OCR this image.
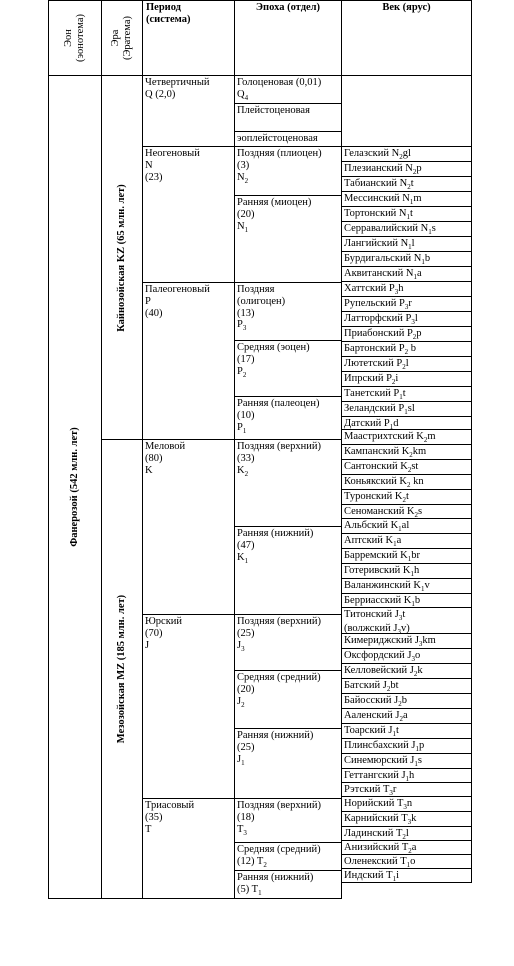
Эон
(эонотема) Эра
(Эратема)
Период
(система)
Эпоха (отдел)	Век (ярус)
Фанерозой (542 млн. лет)
Кайнозойская KZ (65 млн. лет)
Мезозойская MZ (185 млн. лет)
Четвертичный
Q (2,0)
Неогеновый
N
(23)
Палеогеновый
P
(40)
Меловой
(80)
K
Юрский
(70)
J
Триасовый
(35)
T
Голоценовая (0,01)
$Q_4$
Плейстоценовая
эоплейстоценовая
Поздняя (плиоцен)
(3)
$N_2$
Ранняя (миоцен)
(20)
$N_1$
Поздняя
(олигоцен)
(13)
$P_3$
Средняя (эоцен)
(17)
$P_2$
Ранняя (палеоцен)
(10)
$P_1$
Поздняя (верхний)
(33)
$K_2$
Ранняя (нижний)
(47)
$K_1$
Поздняя (верхний)
(25)
$J_3$
Средняя (средний)
(20)
$J_2$
Ранняя (нижний)
(25)
$J_1$
Поздняя (верхний)
(18)
$T_3$
Средняя (средний)
(12) $T_2$
Ранняя (нижний)
(5) $T_1$
Гелазский $N_2gl$
Плезианский $N_2p$
Табианский $N_2t$
Мессинский $N_1m$
Тортонский $N_1t$
Серравалийский $N_1s$
Лангийский $N_1l$
Бурдигальский $N_1b$
Аквитанский $N_1a$
Хаттский $P_3h$
Рупельский $P_3r$
Латторфский $P_3l$
Приабонский $P_2p$
Бартонский $P_2$ b
Лютетский $P_2l$
Ипрский $P_2i$
Танетский $P_1t$
Зеландский $P_1sl$
Датский $P_1d$
Маастрихтский $K_2m$
Кампанский $K_2km$
Сантонский $K_2st$
Коньякский $K_2$ kn
Туронский $K_2t$
Сеноманский $K_2s$
Альбский $K_1al$
Аптский $K_1a$
Барремский $K_1br$
Готеривский $K_1h$
Валанжинский $K_1v$
Берриасский $K_1b$
Титонский $J_3t$
(волжский $J_3v$)
Кимериджский $J_3km$
Оксфордский $J_3o$
Келловейский $J_2k$
Батский $J_2bt$
Байосский $J_2b$
Ааленский $J_2a$
Тоарский $J_1t$
Плинсбахский $J_1p$
Синемюрский $J_1s$
Геттангский $J_1h$
Рэтский $T_3r$
Норийский $T_3n$
Карнийский $T_3k$
Ладинский $T_2l$
Анизийский $T_2a$
Оленекский $T_1o$
Индский $T_1i$
